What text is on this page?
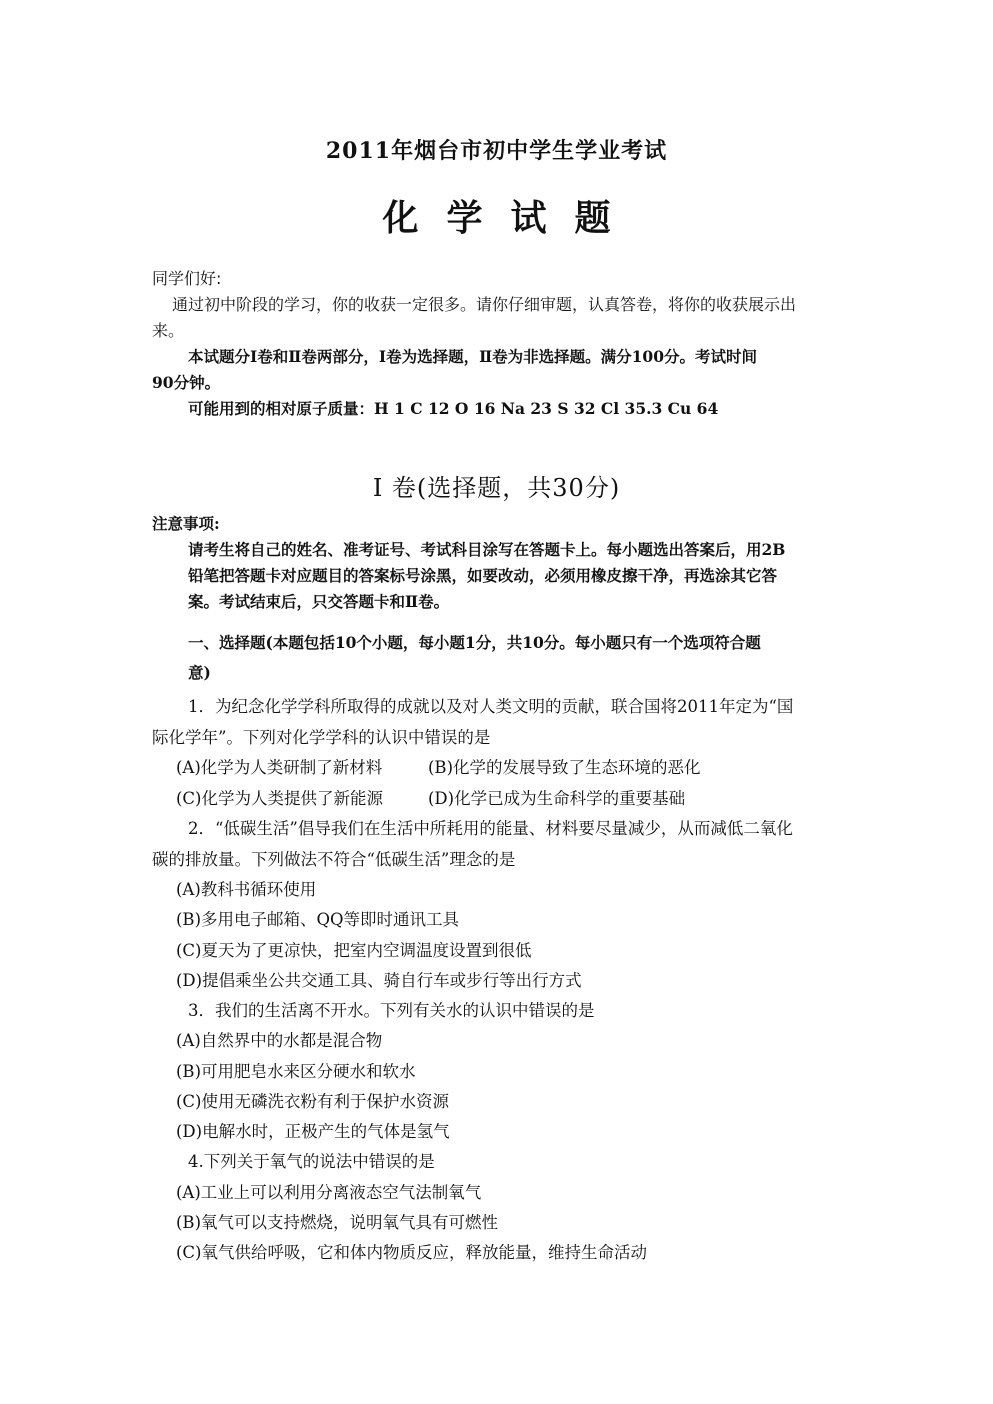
2011年烟台市初中学生学业考试
化学试题
同学们好:
通过初中阶段的学习，你的收获一定很多。请你仔细审题，认真答卷，将你的收获展示出
来。
本试题分Ⅰ卷和Ⅱ卷两部分，Ⅰ卷为选择题，Ⅱ卷为非选择题。满分100分。考试时间
90分钟。
可能用到的相对原子质量：H 1 C 12 O 16 Na 23 S 32 Cl 35.3 Cu 64
Ⅰ 卷(选择题，共30分)
注意事项:
请考生将自己的姓名、准考证号、考试科目涂写在答题卡上。每小题选出答案后，用2B
铅笔把答题卡对应题目的答案标号涂黑，如要改动，必须用橡皮擦干净，再选涂其它答
案。考试结束后，只交答题卡和Ⅱ卷。
一、选择题(本题包括10个小题，每小题1分，共10分。每小题只有一个选项符合题
意)
1．为纪念化学学科所取得的成就以及对人类文明的贡献，联合国将2011年定为“国
际化学年”。下列对化学学科的认识中错误的是
(A)化学为人类研制了新材料	(B)化学的发展导致了生态环境的恶化
(C)化学为人类提供了新能源	(D)化学已成为生命科学的重要基础
2．“低碳生活”倡导我们在生活中所耗用的能量、材料要尽量减少，从而减低二氧化
碳的排放量。下列做法不符合“低碳生活”理念的是
(A)教科书循环使用
(B)多用电子邮箱、QQ等即时通讯工具
(C)夏天为了更凉快，把室内空调温度设置到很低
(D)提倡乘坐公共交通工具、骑自行车或步行等出行方式
3．我们的生活离不开水。下列有关水的认识中错误的是
(A)自然界中的水都是混合物
(B)可用肥皂水来区分硬水和软水
(C)使用无磷洗衣粉有利于保护水资源
(D)电解水时，正极产生的气体是氢气
4.下列关于氧气的说法中错误的是
(A)工业上可以利用分离液态空气法制氧气
(B)氧气可以支持燃烧，说明氧气具有可燃性
(C)氧气供给呼吸，它和体内物质反应，释放能量，维持生命活动
